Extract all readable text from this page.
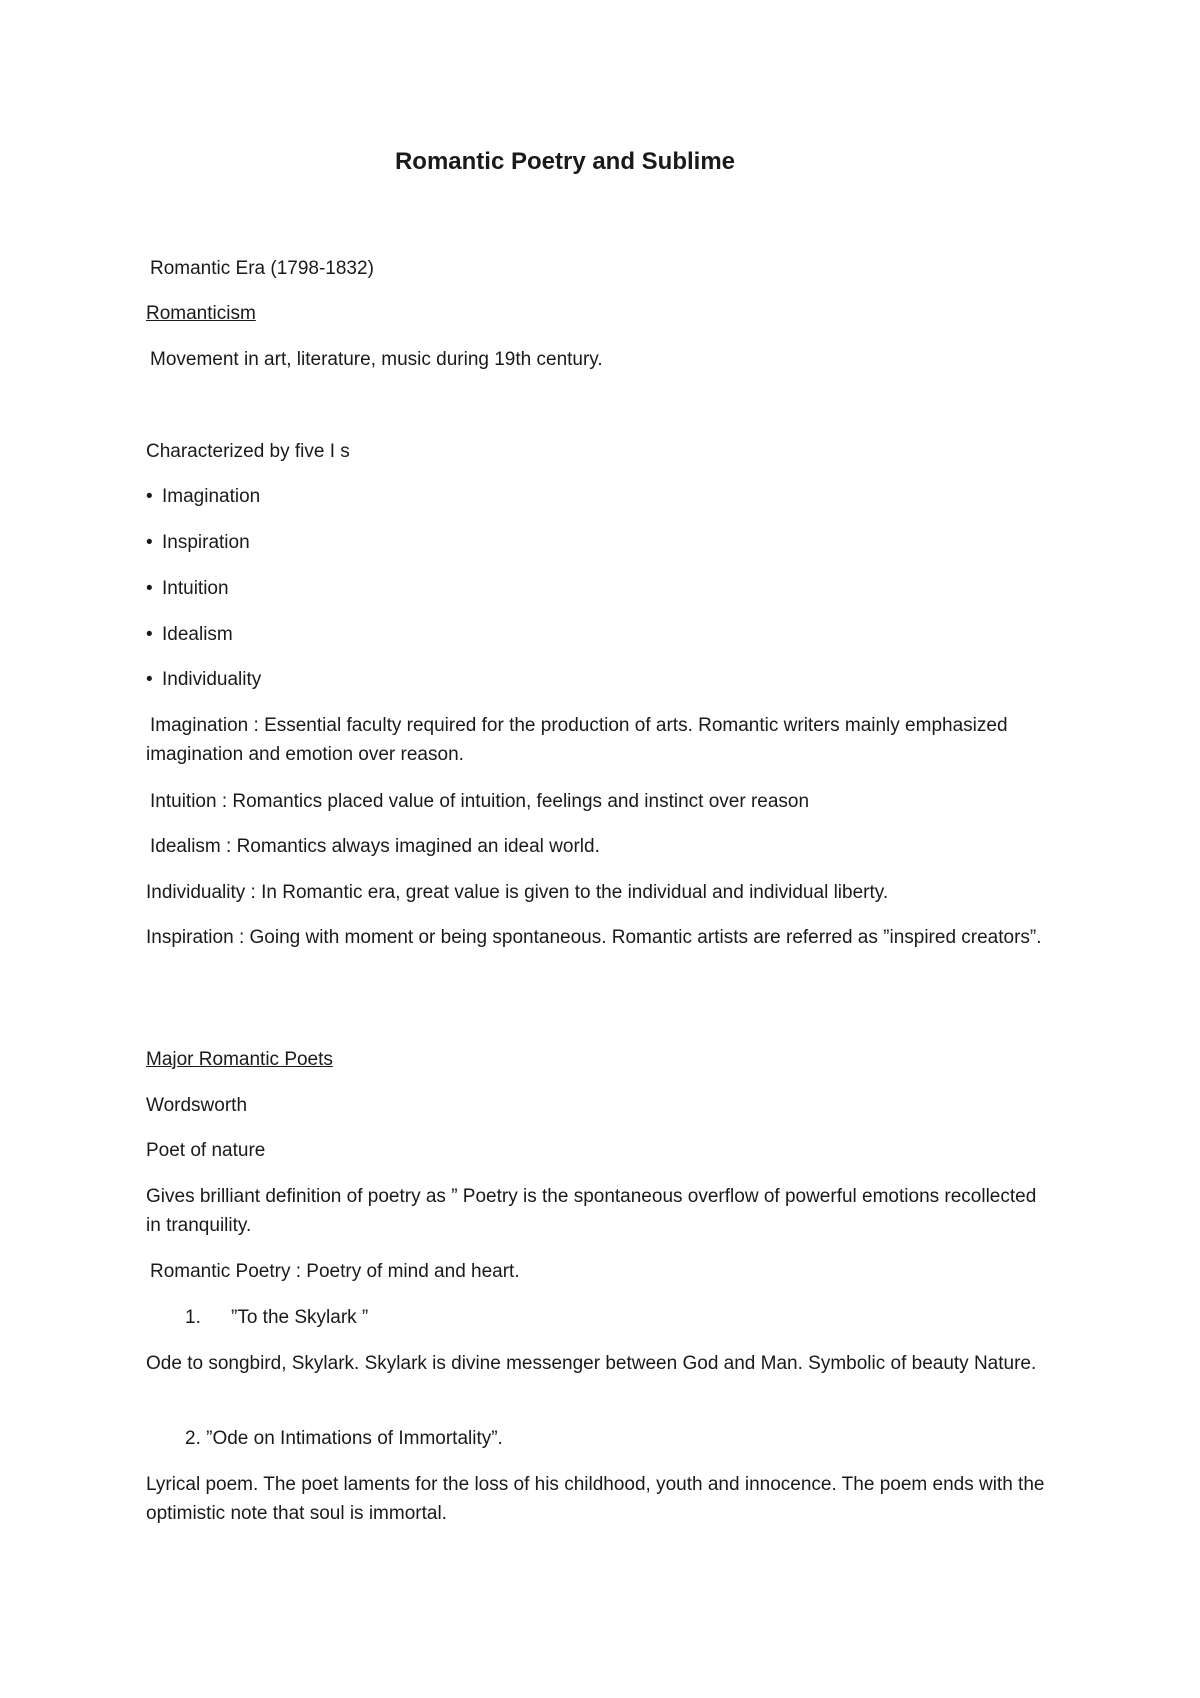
Romantic Poetry and Sublime

Romantic Era (1798-1832)

Romanticism

Movement in art, literature, music during 19th century.

Characterized by five I s

• Imagination

• Inspiration

• Intuition

• Idealism

• Individuality

Imagination : Essential faculty required for the production of arts. Romantic writers mainly emphasized imagination and emotion over reason.

Intuition : Romantics placed value of intuition, feelings and instinct over reason

Idealism : Romantics always imagined an ideal world.

Individuality : In Romantic era, great value is given to the individual and individual liberty.

Inspiration : Going with moment or being spontaneous. Romantic artists are referred as ”inspired creators”.

Major Romantic Poets

Wordsworth

Poet of nature

Gives brilliant definition of poetry as ” Poetry is the spontaneous overflow of powerful emotions recollected in tranquility.

Romantic Poetry : Poetry of mind and heart.

1. ”To the Skylark ”

Ode to songbird, Skylark. Skylark is divine messenger between God and Man. Symbolic of beauty Nature.

2. ”Ode on Intimations of Immortality”.

Lyrical poem. The poet laments for the loss of his childhood, youth and innocence. The poem ends with the optimistic note that soul is immortal.
